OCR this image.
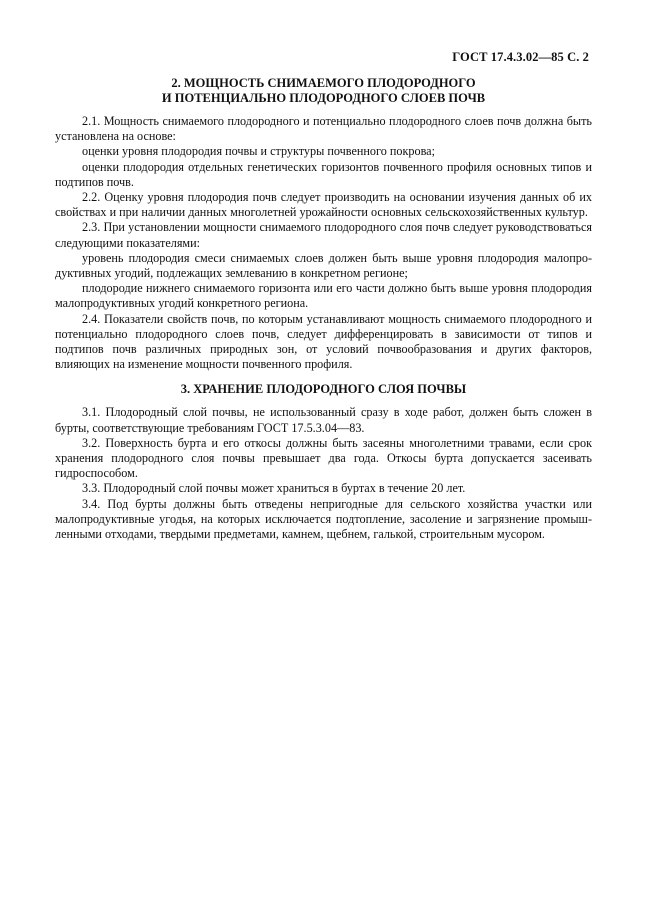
ГОСТ 17.4.3.02—85 С. 2
2. МОЩНОСТЬ СНИМАЕМОГО ПЛОДОРОДНОГО
И ПОТЕНЦИАЛЬНО ПЛОДОРОДНОГО СЛОЕВ ПОЧВ

2.1. Мощность снимаемого плодородного и потенциально плодородного слоев почв должна быть установлена на основе:

оценки уровня плодородия почвы и структуры почвенного покрова;

оценки плодородия отдельных генетических горизонтов почвенного профиля основных типов и подтипов почв.

2.2. Оценку уровня плодородия почв следует производить на основании изучения данных об их свойствах и при наличии данных многолетней урожайности основных сельскохозяйственных культур.

2.3. При установлении мощности снимаемого плодородного слоя почв следует руководствоваться следующими показателями:

уровень плодородия смеси снимаемых слоев должен быть выше уровня плодородия малопродуктивных угодий, подлежащих землеванию в конкретном регионе;

плодородие нижнего снимаемого горизонта или его части должно быть выше уровня плодородия малопродуктивных угодий конкретного региона.

2.4. Показатели свойств почв, по которым устанавливают мощность снимаемого плодородного и потенциально плодородного слоев почв, следует дифференцировать в зависимости от типов и подтипов почв различных природных зон, от условий почвообразования и других факторов, влияющих на изменение мощности почвенного профиля.

3. ХРАНЕНИЕ ПЛОДОРОДНОГО СЛОЯ ПОЧВЫ

3.1. Плодородный слой почвы, не использованный сразу в ходе работ, должен быть сложен в бурты, соответствующие требованиям ГОСТ 17.5.3.04—83.

3.2. Поверхность бурта и его откосы должны быть засеяны многолетними травами, если срок хранения плодородного слоя почвы превышает два года. Откосы бурта допускается засеивать гидроспособом.

3.3. Плодородный слой почвы может храниться в буртах в течение 20 лет.

3.4. Под бурты должны быть отведены непригодные для сельского хозяйства участки или малопродуктивные угодья, на которых исключается подтопление, засоление и загрязнение промышленными отходами, твердыми предметами, камнем, щебнем, галькой, строительным мусором.
